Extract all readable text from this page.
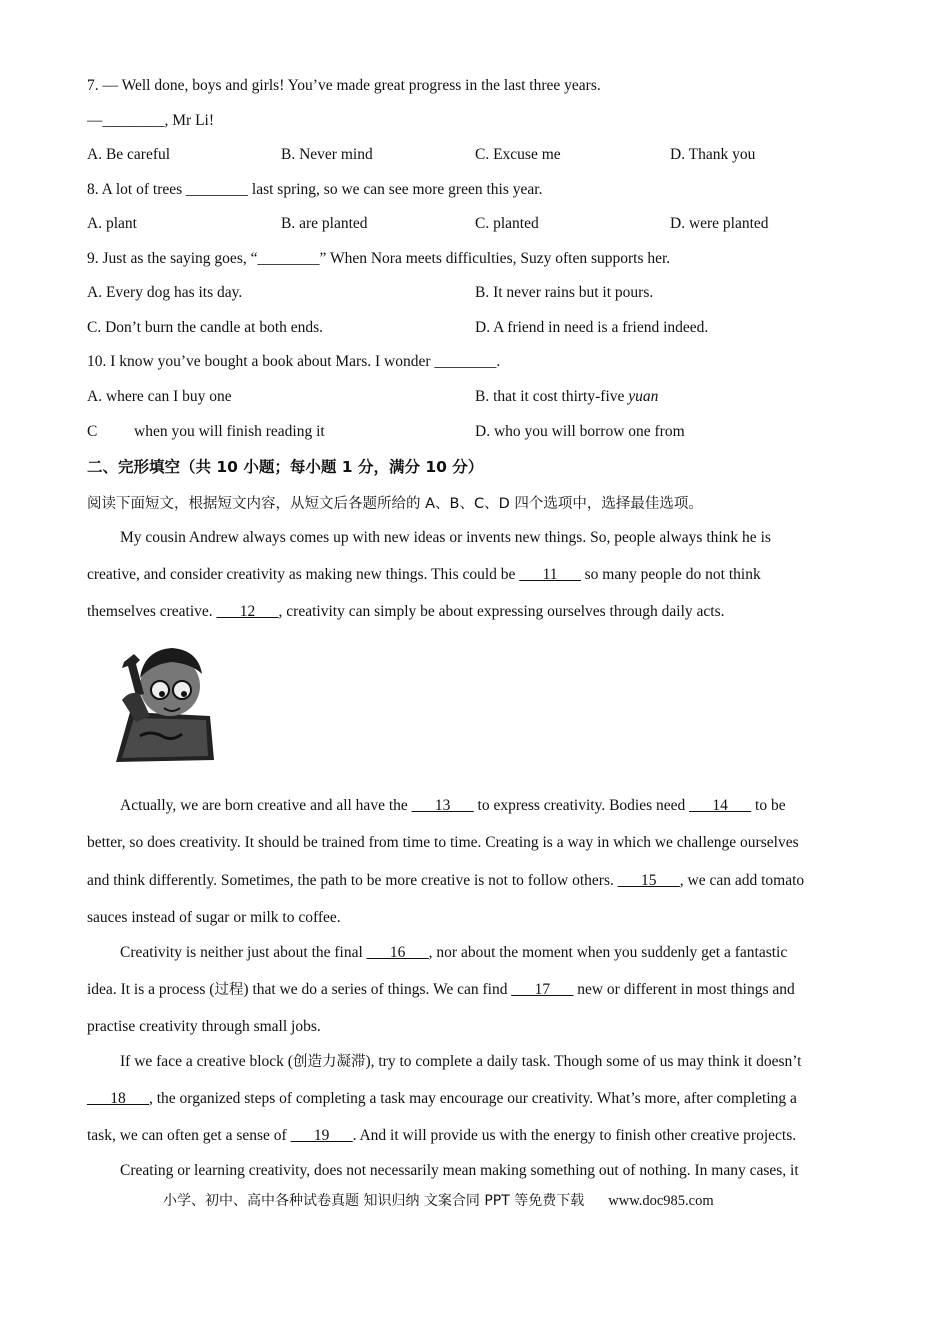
7. — Well done, boys and girls! You’ve made great progress in the last three years.
—________, Mr Li!
A. Be careful	B. Never mind	C. Excuse me	D. Thank you
8. A lot of trees ________ last spring, so we can see more green this year.
A. plant	B. are planted	C. planted	D. were planted
9. Just as the saying goes, “________” When Nora meets difficulties, Suzy often supports her.
A. Every dog has its day.	B. It never rains but it pours.
C. Don’t burn the candle at both ends.	D. A friend in need is a friend indeed.
10. I know you’ve bought a book about Mars. I wonder ________.
A. where can I buy one	B. that it cost thirty-five yuan
C when you will finish reading it	D. who you will borrow one from
二、完形填空（共 10 小题；每小题 1 分，满分 10 分）
阅读下面短文，根据短文内容，从短文后各题所给的 A、B、C、D 四个选项中，选择最佳选项。
My cousin Andrew always comes up with new ideas or invents new things. So, people always think he is
creative, and consider creativity as making new things. This could be ___11___ so many people do not think
themselves creative. ___12___, creativity can simply be about expressing ourselves through daily acts.
Actually, we are born creative and all have the ___13___ to express creativity. Bodies need ___14___ to be
better, so does creativity. It should be trained from time to time. Creating is a way in which we challenge ourselves
and think differently. Sometimes, the path to be more creative is not to follow others. ___15___, we can add tomato
sauces instead of sugar or milk to coffee.
Creativity is neither just about the final ___16___, nor about the moment when you suddenly get a fantastic
idea. It is a process (过程) that we do a series of things. We can find ___17___ new or different in most things and
practise creativity through small jobs.
If we face a creative block (创造力凝滞), try to complete a daily task. Though some of us may think it doesn’t
___18___, the organized steps of completing a task may encourage our creativity. What’s more, after completing a
task, we can often get a sense of ___19___. And it will provide us with the energy to finish other creative projects.
Creating or learning creativity, does not necessarily mean making something out of nothing. In many cases, it
小学、初中、高中各种试卷真题 知识归纳 文案合同 PPT 等免费下载 www.doc985.com
